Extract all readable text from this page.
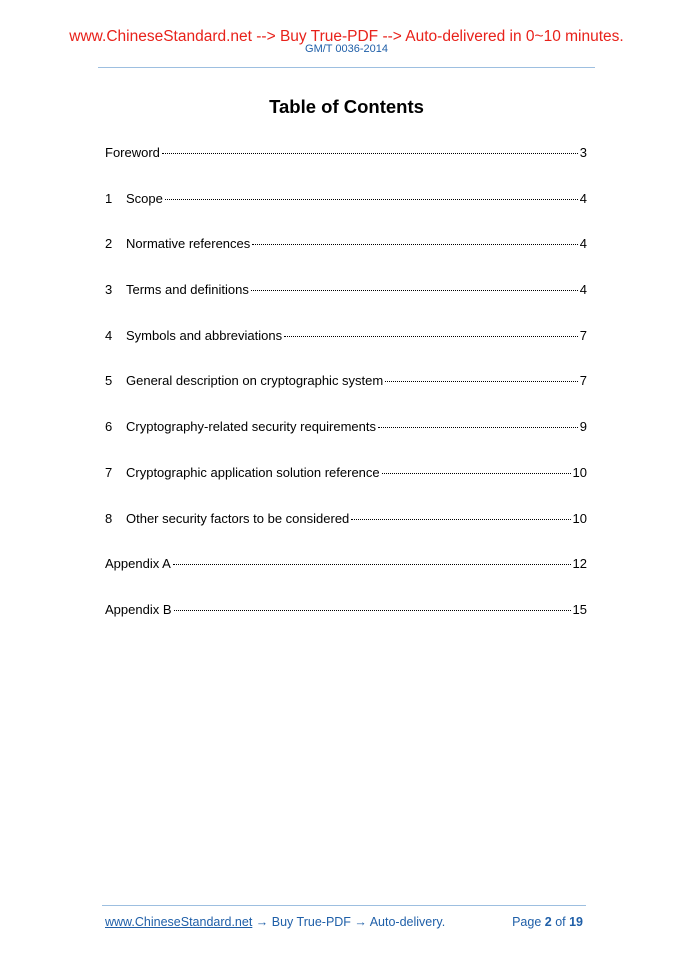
www.ChineseStandard.net --> Buy True-PDF --> Auto-delivered in 0~10 minutes.
GM/T 0036-2014
Table of Contents
Foreword	3
1	Scope	4
2	Normative references	4
3	Terms and definitions	4
4	Symbols and abbreviations	7
5	General description on cryptographic system	7
6	Cryptography-related security requirements	9
7	Cryptographic application solution reference	10
8	Other security factors to be considered	10
Appendix A	12
Appendix B	15
www.ChineseStandard.net → Buy True-PDF → Auto-delivery.	Page 2 of 19
